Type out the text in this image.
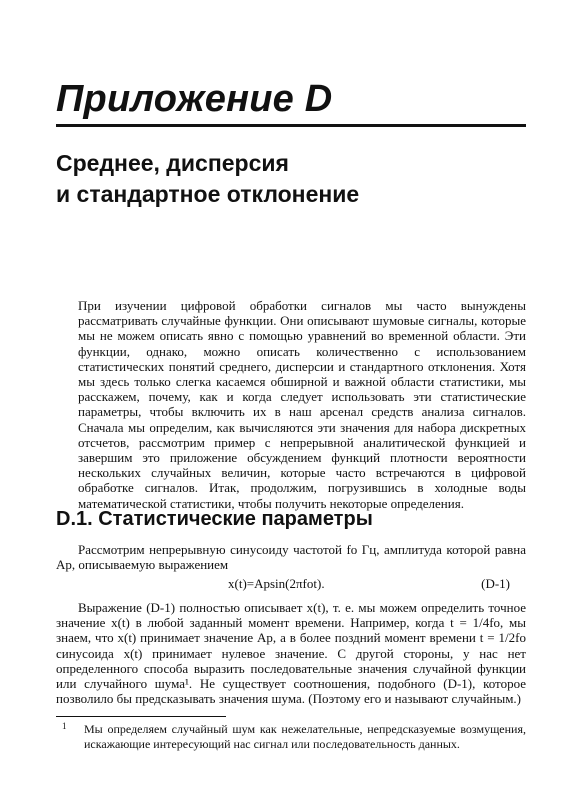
Приложение D
Среднее, дисперсия
и стандартное отклонение

При изучении цифровой обработки сигналов мы часто вынуждены рассматривать случайные функции. Они описывают шумовые сигналы, которые мы не можем описать явно с помощью уравнений во временной области. Эти функции, однако, можно описать количественно с использованием статистических понятий среднего, дисперсии и стандартного отклонения. Хотя мы здесь только слегка касаемся обширной и важной области статистики, мы расскажем, почему, как и когда следует использовать эти статистические параметры, чтобы включить их в наш арсенал средств анализа сигналов. Сначала мы определим, как вычисляются эти значения для набора дискретных отсчетов, рассмотрим пример с непрерывной аналитической функцией и завершим это приложение обсуждением функций плотности вероятности нескольких случайных величин, которые часто встречаются в цифровой обработке сигналов. Итак, продолжим, погрузившись в холодные воды математической статистики, чтобы получить некоторые определения.

D.1. Статистические параметры

Рассмотрим непрерывную синусоиду частотой fo Гц, амплитуда которой равна Ap, описываемую выражением

x(t)=Apsin(2πfot).	(D-1)

Выражение (D-1) полностью описывает x(t), т. е. мы можем определить точное значение x(t) в любой заданный момент времени. Например, когда t = 1/4fo, мы знаем, что x(t) принимает значение Ap, а в более поздний момент времени t = 1/2fo синусоида x(t) принимает нулевое значение. С другой стороны, у нас нет определенного способа выразить последовательные значения случайной функции или случайного шума¹. Не существует соотношения, подобного (D-1), которое позволило бы предсказывать значения шума. (Поэтому его и называют случайным.)

1 Мы определяем случайный шум как нежелательные, непредсказуемые возмущения, искажающие интересующий нас сигнал или последовательность данных.
